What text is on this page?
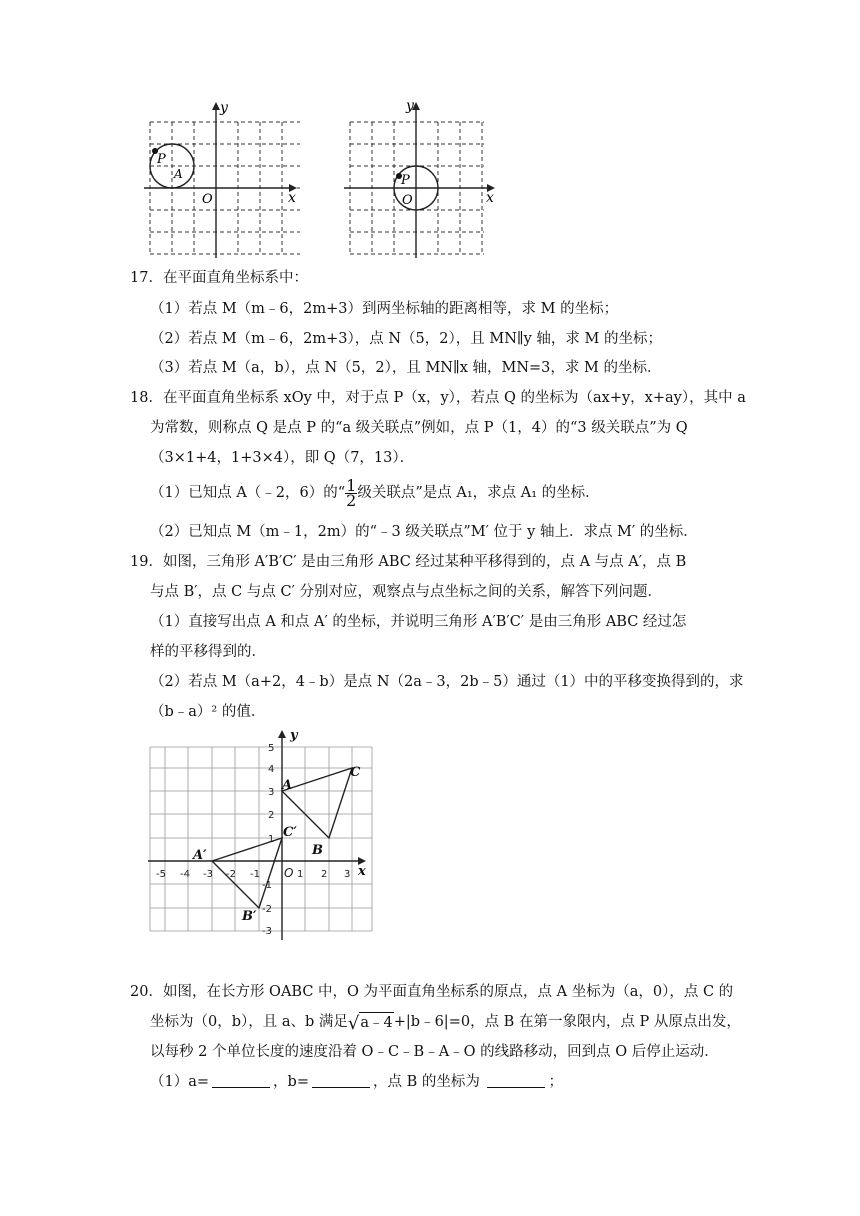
y
x
O
P
A
y
x
O
P
17．在平面直角坐标系中：
（1）若点 M（m﹣6，2m+3）到两坐标轴的距离相等，求 M 的坐标；
（2）若点 M（m﹣6，2m+3），点 N（5，2），且 MN∥y 轴，求 M 的坐标；
（3）若点 M（a，b），点 N（5，2），且 MN∥x 轴，MN=3，求 M 的坐标．
18．在平面直角坐标系 xOy 中，对于点 P（x，y），若点 Q 的坐标为（ax+y，x+ay），其中 a
为常数，则称点 Q 是点 P 的“a 级关联点”例如，点 P（1，4）的“3 级关联点”为 Q
（3×1+4，1+3×4），即 Q（7，13）．
（1）已知点 A（﹣2，6）的“ $\frac{1}{2}$ 级关联点”是点 A₁，求点 A₁ 的坐标．
（2）已知点 M（m﹣1，2m）的“﹣3 级关联点”M′ 位于 y 轴上．求点 M′ 的坐标．
19．如图，三角形 A′B′C′ 是由三角形 ABC 经过某种平移得到的，点 A 与点 A′，点 B
与点 B′，点 C 与点 C′ 分别对应，观察点与点坐标之间的关系，解答下列问题．
（1）直接写出点 A 和点 A′ 的坐标，并说明三角形 A′B′C′ 是由三角形 ABC 经过怎
样的平移得到的．
（2）若点 M（a+2，4﹣b）是点 N（2a﹣3，2b﹣5）通过（1）中的平移变换得到的，求
（b﹣a）² 的值．
-5 -4 -3 -2 -1 O 1 2 3
5
4
3
2
1
-1
-2
-3
y
x
A
B
C
A′
B′
C′
20．如图，在长方形 OABC 中，O 为平面直角坐标系的原点，点 A 坐标为（a，0），点 C 的
坐标为（0，b），且 a、b 满足 √ a﹣4 +|b﹣6|=0，点 B 在第一象限内，点 P 从原点出发，
以每秒 2 个单位长度的速度沿着 O﹣C﹣B﹣A﹣O 的线路移动，回到点 O 后停止运动．
（1）a=	，b=	，点 B 的坐标为	；
